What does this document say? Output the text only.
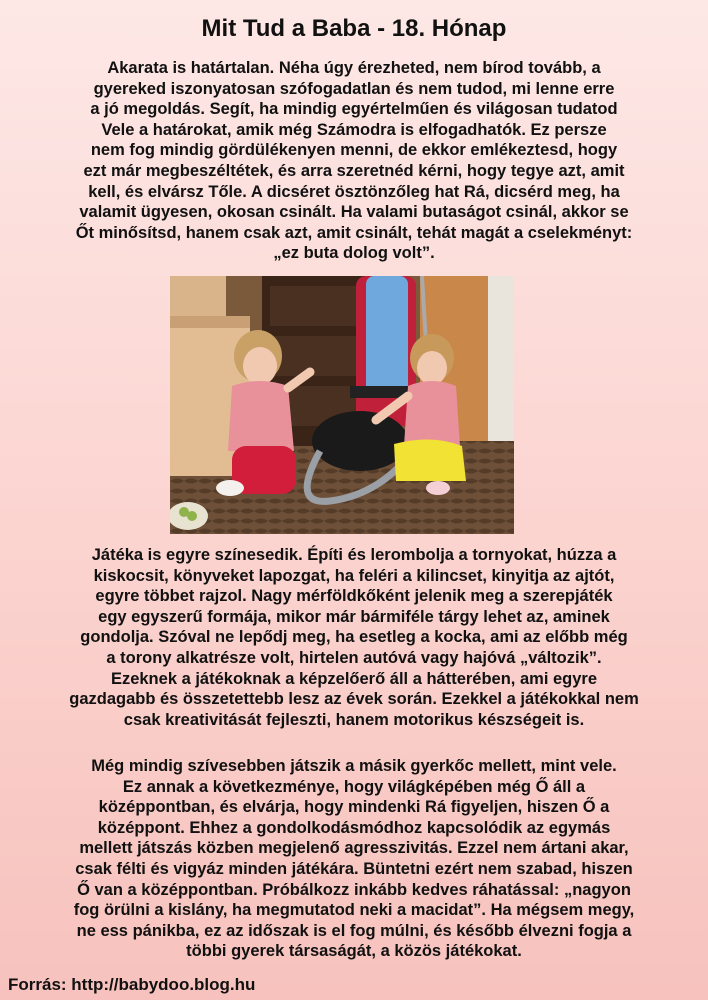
Mit Tud a Baba - 18. Hónap

Akarata is határtalan. Néha úgy érezheted, nem bírod tovább, a
gyereked iszonyatosan szófogadatlan és nem tudod, mi lenne erre
a jó megoldás. Segít, ha mindig egyértelműen és világosan tudatod
Vele a határokat, amik még Számodra is elfogadhatók. Ez persze
nem fog mindig gördülékenyen menni, de ekkor emlékeztesd, hogy
ezt már megbeszéltétek, és arra szeretnéd kérni, hogy tegye azt, amit
kell, és elvársz Tőle. A dicséret ösztönzőleg hat Rá, dicsérd meg, ha
valamit ügyesen, okosan csinált. Ha valami butaságot csinál, akkor se
Őt minősítsd, hanem csak azt, amit csinált, tehát magát a cselekményt:
„ez buta dolog volt”.

Játéka is egyre színesedik. Építi és lerombolja a tornyokat, húzza a
kiskocsit, könyveket lapozgat, ha feléri a kilincset, kinyitja az ajtót,
egyre többet rajzol. Nagy mérföldkőként jelenik meg a szerepjáték
egy egyszerű formája, mikor már bármiféle tárgy lehet az, aminek
gondolja. Szóval ne lepődj meg, ha esetleg a kocka, ami az előbb még
a torony alkatrésze volt, hirtelen autóvá vagy hajóvá „változik”.
Ezeknek a játékoknak a képzelőerő áll a hátterében, ami egyre
gazdagabb és összetettebb lesz az évek során. Ezekkel a játékokkal nem
csak kreativitását fejleszti, hanem motorikus készségeit is.

Még mindig szívesebben játszik a másik gyerkőc mellett, mint vele.
Ez annak a következménye, hogy világképében még Ő áll a
középpontban, és elvárja, hogy mindenki Rá figyeljen, hiszen Ő a
középpont. Ehhez a gondolkodásmódhoz kapcsolódik az egymás
mellett játszás közben megjelenő agresszivitás. Ezzel nem ártani akar,
csak félti és vigyáz minden játékára. Büntetni ezért nem szabad, hiszen
Ő van a középpontban. Próbálkozz inkább kedves ráhatással: „nagyon
fog örülni a kislány, ha megmutatod neki a macidat”. Ha mégsem megy,
ne ess pánikba, ez az időszak is el fog múlni, és később élvezni fogja a
többi gyerek társaságát, a közös játékokat.

Forrás: http://babydoo.blog.hu
